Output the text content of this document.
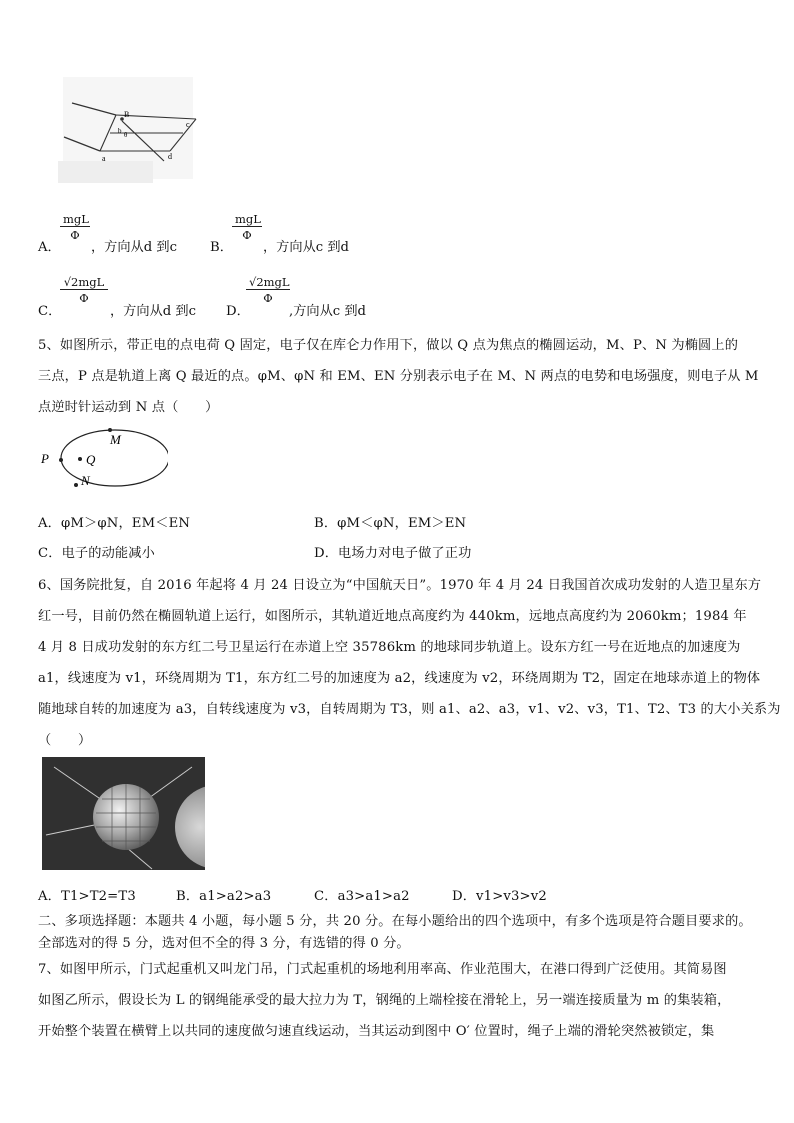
B
b θ
c
d
a
A．
mgL
Φ
，方向从d 到c	B．
mgL
Φ
，方向从c 到d
C．
√2mgL
Φ
，方向从d 到c D．
√2mgL
Φ
,方向从c 到d
5、如图所示，带正电的点电荷 Q 固定，电子仅在库仑力作用下，做以 Q 点为焦点的椭圆运动，M、P、N 为椭圆上的
三点，P 点是轨道上离 Q 最近的点。φM、φN 和 EM、EN 分别表示电子在 M、N 两点的电势和电场强度，则电子从 M
点逆时针运动到 N 点（　　）
P	Q
M
N
A．φM＞φN，EM＜EN	B．φM＜φN，EM＞EN
C．电子的动能减小	D．电场力对电子做了正功
6、国务院批复，自 2016 年起将 4 月 24 日设立为“中国航天日”。1970 年 4 月 24 日我国首次成功发射的人造卫星东方
红一号，目前仍然在椭圆轨道上运行，如图所示，其轨道近地点高度约为 440km，远地点高度约为 2060km；1984 年
4 月 8 日成功发射的东方红二号卫星运行在赤道上空 35786km 的地球同步轨道上。设东方红一号在近地点的加速度为
a1，线速度为 v1，环绕周期为 T1，东方红二号的加速度为 a2，线速度为 v2，环绕周期为 T2，固定在地球赤道上的物体
随地球自转的加速度为 a3，自转线速度为 v3，自转周期为 T3，则 a1、a2、a3，v1、v2、v3，T1、T2、T3 的大小关系为
（　　）
A．T1>T2=T3	B．a1>a2>a3	C．a3>a1>a2	D．v1>v3>v2
二、多项选择题：本题共 4 小题，每小题 5 分，共 20 分。在每小题给出的四个选项中，有多个选项是符合题目要求的。
全部选对的得 5 分，选对但不全的得 3 分，有选错的得 0 分。
7、如图甲所示，门式起重机又叫龙门吊，门式起重机的场地利用率高、作业范围大，在港口得到广泛使用。其简易图
如图乙所示，假设长为 L 的钢绳能承受的最大拉力为 T，钢绳的上端栓接在滑轮上，另一端连接质量为 m 的集装箱，
开始整个装置在横臂上以共同的速度做匀速直线运动，当其运动到图中 O′ 位置时，绳子上端的滑轮突然被锁定，集
